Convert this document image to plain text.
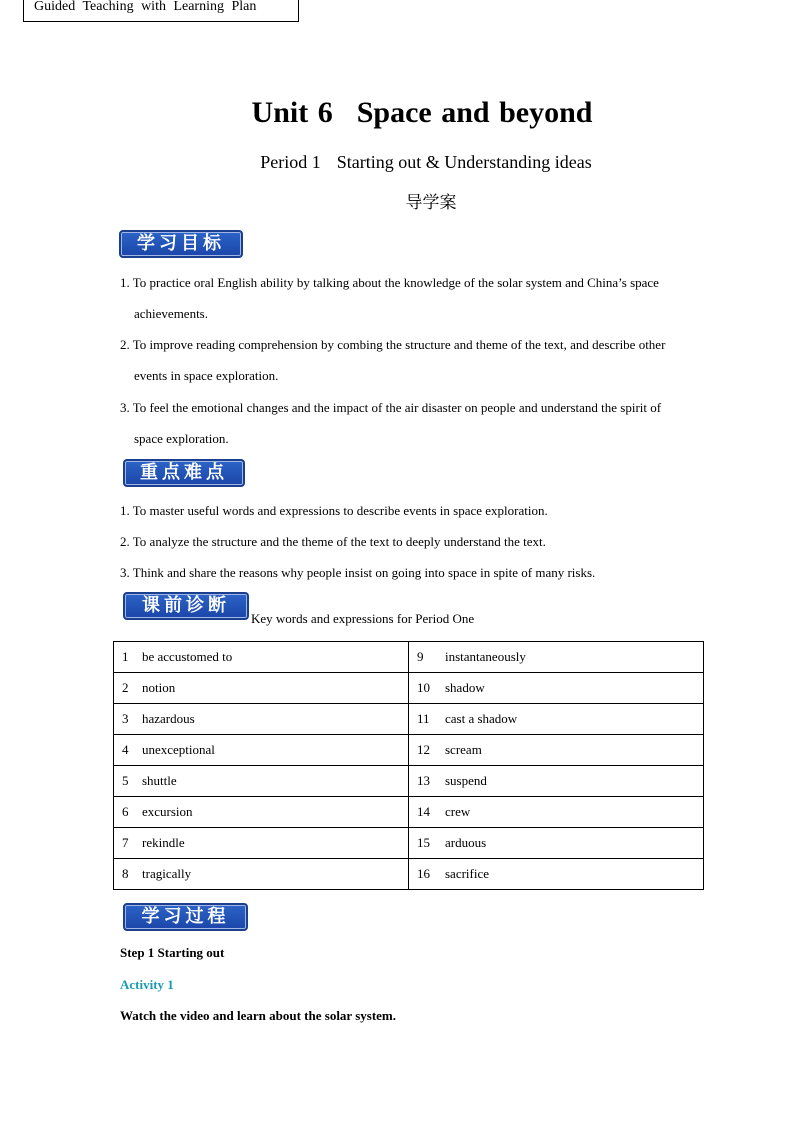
Guided Teaching with Learning Plan
Unit 6 Space and beyond
Period 1 Starting out & Understanding ideas
导学案
学习目标
1. To practice oral English ability by talking about the knowledge of the solar system and China’s space
achievements.
2. To improve reading comprehension by combing the structure and theme of the text, and describe other
events in space exploration.
3. To feel the emotional changes and the impact of the air disaster on people and understand the spirit of
space exploration.
重点难点
1. To master useful words and expressions to describe events in space exploration.
2. To analyze the structure and the theme of the text to deeply understand the text.
3. Think and share the reasons why people insist on going into space in spite of many risks.
课前诊断
Key words and expressions for Period One
1 be accustomed to	9 instantaneously
2 notion	10 shadow
3 hazardous	11 cast a shadow
4 unexceptional	12 scream
5 shuttle	13 suspend
6 excursion	14 crew
7 rekindle	15 arduous
8 tragically	16 sacrifice
学习过程
Step 1 Starting out
Activity 1
Watch the video and learn about the solar system.
